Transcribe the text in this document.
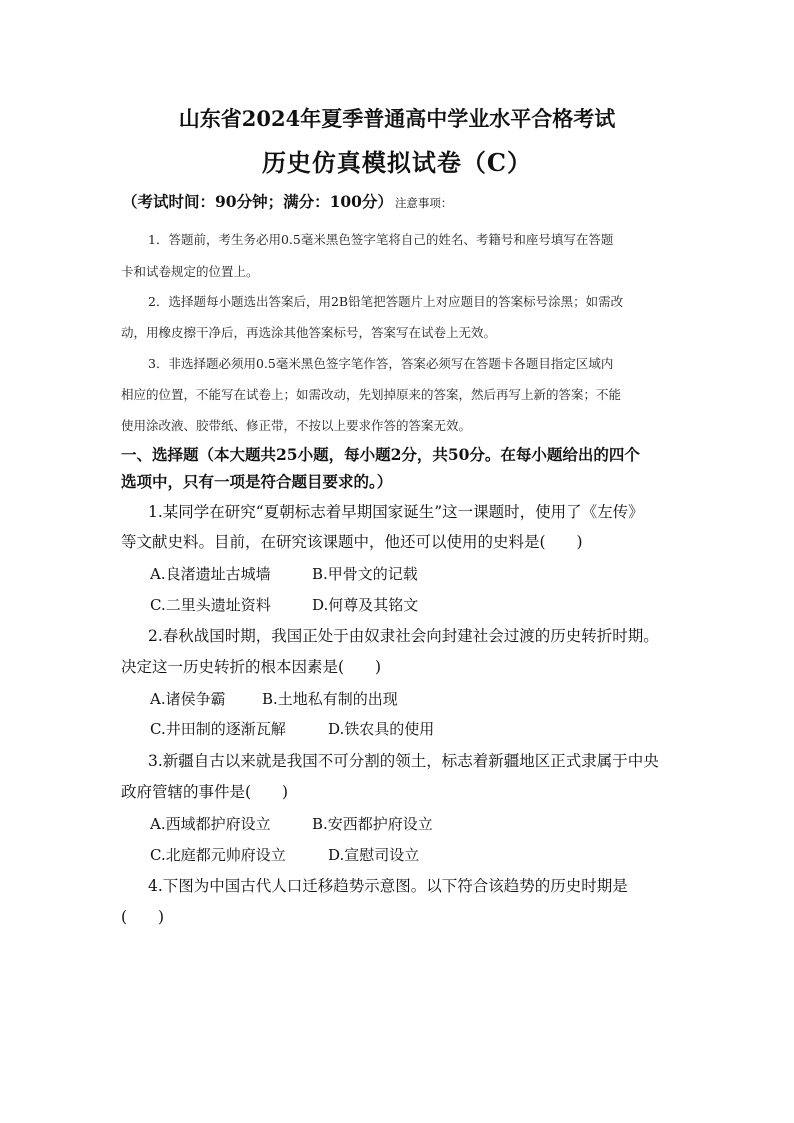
山东省2024年夏季普通高中学业水平合格考试
历史仿真模拟试卷（C）
（考试时间：90分钟；满分：100分） 注意事项：
1．答题前，考生务必用0.5毫米黑色签字笔将自己的姓名、考籍号和座号填写在答题
卡和试卷规定的位置上。
2．选择题每小题选出答案后，用2B铅笔把答题片上对应题目的答案标号涂黑；如需改
动，用橡皮擦干净后，再选涂其他答案标号，答案写在试卷上无效。
3．非选择题必须用0.5毫米黑色签字笔作答，答案必须写在答题卡各题目指定区域内
相应的位置，不能写在试卷上；如需改动，先划掉原来的答案，然后再写上新的答案；不能
使用涂改液、胶带纸、修正带，不按以上要求作答的答案无效。
一、选择题（本大题共25小题，每小题2分，共50分。在每小题给出的四个
选项中，只有一项是符合题目要求的。）
1.某同学在研究“夏朝标志着早期国家诞生”这一课题时，使用了《左传》
等文献史料。目前，在研究该课题中，他还可以使用的史料是(　　)
A.良渚遗址古城墙	B.甲骨文的记载
C.二里头遗址资料	D.何尊及其铭文
2.春秋战国时期，我国正处于由奴隶社会向封建社会过渡的历史转折时期。
决定这一历史转折的根本因素是(　　)
A.诸侯争霸 B.土地私有制的出现
C.井田制的逐渐瓦解	D.铁农具的使用
3.新疆自古以来就是我国不可分割的领土，标志着新疆地区正式隶属于中央
政府管辖的事件是(　　)
A.西域都护府设立	B.安西都护府设立
C.北庭都元帅府设立	D.宣慰司设立
4.下图为中国古代人口迁移趋势示意图。以下符合该趋势的历史时期是
(　　)
